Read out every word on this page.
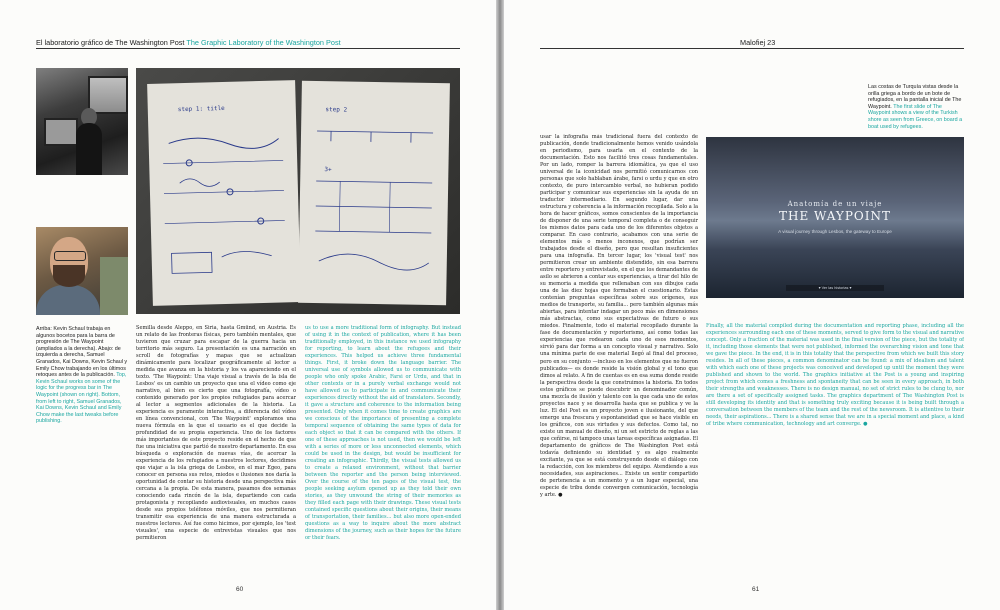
El laboratorio gráfico de The Washington Post The Graphic Laboratory of the Washington Post
step 1: title	step 2
3+
Arriba: Kevin Schaul trabaja en algunos bocetos para la barra de progresión de The Waypoint (ampliados a la derecha). Abajo: de izquierda a derecha, Samuel Granados, Kai Downs, Kevin Schaul y Emily Chow trabajando en los últimos retoques antes de la publicación. Top, Kevin Schaul works on some of the logic for the progress bar in The Waypoint (shown on right). Bottom, from left to right, Samuel Granados, Kai Downs, Kevin Schaul and Emily Chow make the last tweaks before publishing.
Semilla desde Aleppo, en Siria, hasta Gmünd, en Austria. Es un relato de las fronteras físicas, pero también mentales, que tuvieron que cruzar para escapar de la guerra hacia un territorio más seguro. La presentación es una narración en scroll de fotografías y mapas que se actualizan dinámicamente para localizar geográficamente al lector a medida que avanza en la historia y los va apareciendo en el texto. 'The Waypoint: Una viaje visual a través de la isla de Lesbos' es un cambio un proyecto que una el vídeo como eje narrativo, al bien es cierto que una fotografía, vídeo o contenido generado por los propios refugiados para acercar al lector a segmentos adicionales de la historia. La experiencia es puramente interactiva, a diferencia del vídeo en línea convencional, con 'The Waypoint' exploramos una nueva fórmula en la que el usuario es el que decide la profundidad de su propia experiencia. Uno de los factores más importantes de este proyecto reside en el hecho de que fue una iniciativa que partió de nuestro departamento. En esa búsqueda o exploración de nuevas vías, de acercar la experiencia de los refugiados a nuestros lectores, decidimos que viajar a la isla griega de Lesbos, en el mar Egeo, para conocer en persona sus retos, miedos e ilusiones nos daría la oportunidad de contar su historia desde una perspectiva más cercana a la propia. De esta manera, pasamos dos semanas conociendo cada rincón de la isla, departiendo con cada protagonista y recopilando audiovisuales, en muchos casos desde sus propios teléfonos móviles, que nos permitieran transmitir esa experiencia de una manera estructurada a nuestros lectores. Así fue como hicimos, por ejemplo, los 'test visuales', una especie de entrevistas visuales que nos permitieron
us to use a more traditional form of infography. But instead of using it in the context of publication, where it has been traditionally employed, in this instance we used infography for reporting, to learn about the refugees and their experiences. This helped us achieve three fundamental things. First, it broke down the language barrier. The universal use of symbols allowed us to communicate with people who only spoke Arabic, Farsi or Urdu, and that in other contexts or in a purely verbal exchange would not have allowed us to participate in and communicate their experiences directly without the aid of translators. Secondly, it gave a structure and coherence to the information being presented. Only when it comes time to create graphics are we conscious of the importance of presenting a complete temporal sequence of obtaining the same types of data for each object so that it can be compared with the others. If one of these approaches is not used, then we would be left with a series of more or less unconnected elements, which could be used in the design, but would be insufficient for creating an infographic. Thirdly, the visual tests allowed us to create a relaxed environment, without that barrier between the reporter and the person being interviewed. Over the course of the ten pages of the visual test, the people seeking asylum opened up as they told their own stories, as they unwound the string of their memories as they filled each page with their drawings. These visual tests contained specific questions about their origins, their means of transportation, their families... but also more open-ended questions as a way to inquire about the more abstract dimensions of the journey, such as their hopes for the future or their fears.
60
Malofiej 23
Las costas de Turquía vistas desde la orilla griega a bordo de un bote de refugiados, en la pantalla inicial de The Waypoint. The first slide of The Waypoint shows a view of the Turkish shore as seen from Greece, on board a boat used by refugees.
Anatomía de un viaje
THE WAYPOINT
A visual journey through Lesbos, the gateway to Europe
▾ Ver las historias ▾
usar la infografía más tradicional fuera del contexto de publicación, donde tradicionalmente hemos venido usándola en periodismo, para usarla en el contexto de la documentación. Esto nos facilitó tres cosas fundamentales. Por un lado, romper la barrera idiomática, ya que el uso universal de la iconicidad nos permitió comunicarnos con personas que solo hablaban árabe, farsi o urdu y que en otro contexto, de puro intercambio verbal, no hubieran podido participar y comunicar sus experiencias sin la ayuda de un traductor intermediario. En segundo lugar, dar una estructura y coherencia a la información recopilada. Solo a la hora de hacer gráficos, somos conscientes de la importancia de disponer de una serie temporal completa o de conseguir los mismos datos para cada uno de los diferentes objetos a comparar. En caso contrario, acabamos con una serie de elementos más o menos inconexos, que podrían ser trabajados desde el diseño, pero que resultan insuficientes para una infografía. En tercer lugar, los 'visual test' nos permitieron crear un ambiente distendido, sin esa barrera entre reportero y entrevistado, en el que los demandantes de asilo se abrieron a contar sus experiencias, a tirar del hilo de su memoria a medida que rellenaban con sus dibujos cada una de las diez hojas que formaban el cuestionario. Éstas contenían preguntas específicas sobre sus orígenes, sus medios de transporte, su familia... pero también algunas más abiertas, para intentar indagar un poco más en dimensiones más abstractas, como sus expectativas de futuro o sus miedos. Finalmente, todo el material recopilado durante la fase de documentación y reporterismo, así como todas las experiencias que rodearon cada uno de esos momentos, sirvió para dar forma a un concepto visual y narrativo. Solo una mínima parte de ese material llegó al final del proceso, pero en su conjunto —incluso en los elementos que no fueron publicados— es donde reside la visión global y el tono que dimos al relato. A fin de cuentas es en esa suma donde reside la perspectiva desde la que construimos la historia. En todos estos gráficos se puede descubrir un denominador común, una mezcla de ilusión y talento con la que cada uno de estos proyectos nace y se desarrolla hasta que se publica y ve la luz. El del Post es un proyecto joven e ilusionante, del que emerge una frescura y espontaneidad que se hace visible en los gráficos, con sus virtudes y sus defectos. Como tal, no existe un manual de diseño, ni un set estricto de reglas a las que ceñirse, ni tampoco unas tareas específicas asignadas. El departamento de gráficos de The Washington Post está todavía definiendo su identidad y es algo realmente excitante, ya que se está construyendo desde el diálogo con la redacción, con los miembros del equipo. Atendiendo a sus necesidades, sus aspiraciones... Existe un sentir compartido de pertenencia a un momento y a un lugar especial, una especie de tribu donde convergen comunicación, tecnología y arte. ●
Finally, all the material compiled during the documentation and reporting phase, including all the experiences surrounding each one of these moments, served to give form to the visual and narrative concept. Only a fraction of the material was used in the final version of the piece, but the totality of it, including those elements that were not published, informed the overarching vision and tone that we gave the piece. In the end, it is in this totality that the perspective from which we built this story resides. In all of these pieces, a common denominator can be found: a mix of idealism and talent with which each one of these projects was conceived and developed up until the moment they were published and shown to the world. The graphics initiative at the Post is a young and inspiring project from which comes a freshness and spontaneity that can be seen in every approach, in both their strengths and weaknesses. There is no design manual, no set of strict rules to be clung to, nor are there a set of specifically assigned tasks. The graphics department of The Washington Post is still developing its identity and that is something truly exciting because it is being built through a conversation between the members of the team and the rest of the newsroom. It is attentive to their needs, their aspirations... There is a shared sense that we are in a special moment and place, a kind of tribe where communication, technology and art converge. ●
61
